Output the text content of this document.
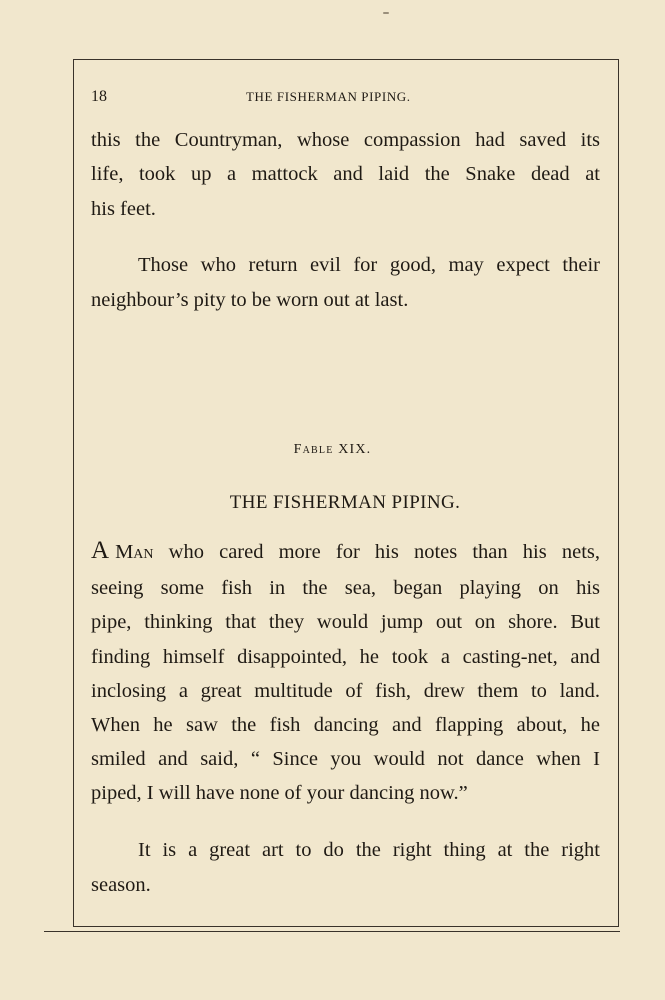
18	THE FISHERMAN PIPING.
this the Countryman, whose compassion had saved its
life, took up a mattock and laid the Snake dead at
his feet.
Those who return evil for good, may expect their
neighbour’s pity to be worn out at last.
Fable XIX.
THE FISHERMAN PIPING.
A Man who cared more for his notes than his nets,
seeing some fish in the sea, began playing on his
pipe, thinking that they would jump out on shore. But
finding himself disappointed, he took a casting-net, and
inclosing a great multitude of fish, drew them to land.
When he saw the fish dancing and flapping about, he
smiled and said, “ Since you would not dance when I
piped, I will have none of your dancing now.”
It is a great art to do the right thing at the right
season.
